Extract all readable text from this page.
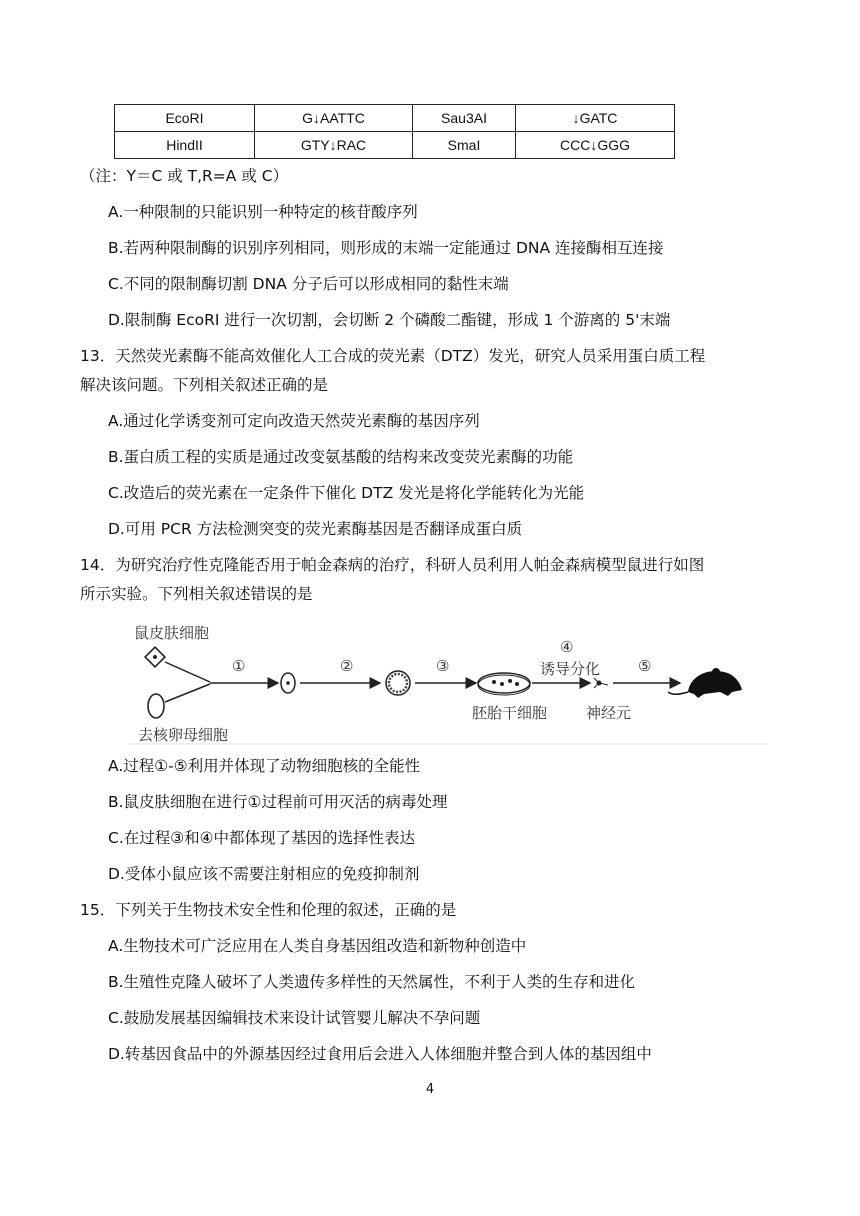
EcoRI	G↓AATTC	Sau3AI	↓GATC
HindII	GTY↓RAC	SmaI	CCC↓GGG
（注：Y＝C 或 T,R=A 或 C）
A.一种限制的只能识别一种特定的核苷酸序列
B.若两种限制酶的识别序列相同，则形成的末端一定能通过 DNA 连接酶相互连接
C.不同的限制酶切割 DNA 分子后可以形成相同的黏性末端
D.限制酶 EcoRI 进行一次切割，会切断 2 个磷酸二酯键，形成 1 个游离的 5'末端
13．天然荧光素酶不能高效催化人工合成的荧光素（DTZ）发光，研究人员采用蛋白质工程
解决该问题。下列相关叙述正确的是
A.通过化学诱变剂可定向改造天然荧光素酶的基因序列
B.蛋白质工程的实质是通过改变氨基酸的结构来改变荧光素酶的功能
C.改造后的荧光素在一定条件下催化 DTZ 发光是将化学能转化为光能
D.可用 PCR 方法检测突变的荧光素酶基因是否翻译成蛋白质
14．为研究治疗性克隆能否用于帕金森病的治疗，科研人员利用人帕金森病模型鼠进行如图
所示实验。下列相关叙述错误的是
鼠皮肤细胞
去核卵母细胞
①	②	③
④
诱导分化	⑤
胚胎干细胞	神经元
A.过程①-⑤利用并体现了动物细胞核的全能性
B.鼠皮肤细胞在进行①过程前可用灭活的病毒处理
C.在过程③和④中都体现了基因的选择性表达
D.受体小鼠应该不需要注射相应的免疫抑制剂
15．下列关于生物技术安全性和伦理的叙述，正确的是
A.生物技术可广泛应用在人类自身基因组改造和新物种创造中
B.生殖性克隆人破坏了人类遗传多样性的天然属性，不利于人类的生存和进化
C.鼓励发展基因编辑技术来设计试管婴儿解决不孕问题
D.转基因食品中的外源基因经过食用后会进入人体细胞并整合到人体的基因组中
4
